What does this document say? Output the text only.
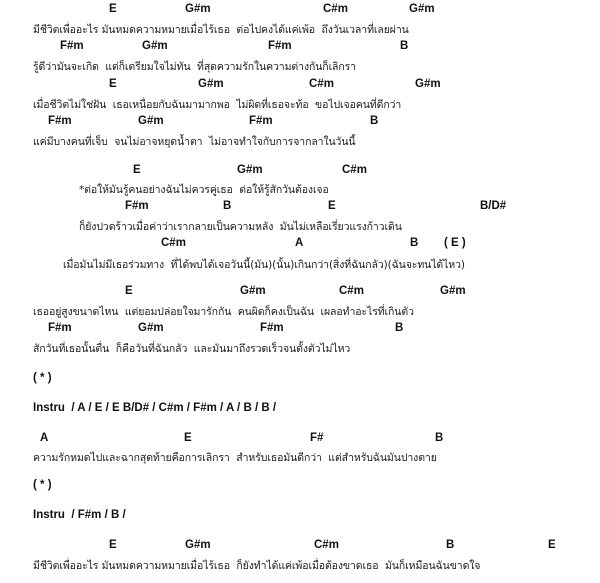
E

	G#m

	C#m

	G#m

มีชีวิตเพื่ออะไร มันหมดความหมายเมื่อไร้เธอ  ต่อไปคงได้แค่เพ้อ  ถึงวันเวลาที่เลยผ่าน

F#m

	G#m

	F#m

	B

รู้ดีว่ามันจะเกิด  แต่ก็เตรียมใจไม่ทัน  ที่สุดความรักในความต่างกันก็เลิกรา

E

	G#m

	C#m

	G#m

เมื่อชีวิตไม่ใช่ฝัน  เธอเหนื่อยกับฉันมามากพอ  ไม่ผิดที่เธอจะท้อ  ขอไปเจอคนที่ดีกว่า

F#m

	G#m

	F#m

	B

แค่มีบางคนที่เจ็บ  จนไม่อาจหยุดน้ำตา  ไม่อาจทำใจกับการจากลาในวันนี้

E

	G#m

	C#m

*ต่อให้มันรู้คนอย่างฉันไม่ควรคู่เธอ  ต่อให้รู้สักวันต้องเจอ

F#m

	B

	E

	B/D#

ก็ยังปวดร้าวเมื่อค่าว่าเรากลายเป็นความหลัง  มันไม่เหลือเรี่ยวแรงก้าวเดิน

C#m

	A

	B

( E )

เมื่อมันไม่มีเธอร่วมทาง  ที่ได้พบได้เจอวันนี้(มัน)(นั้น)เกินกว่า(สิ่งที่ฉันกลัว)(ฉันจะทนได้ไหว)

E

	G#m

	C#m

	G#m

เธออยู่สูงขนาดไหน  แต่ยอมปล่อยใจมารักกัน  คนผิดก็คงเป็นฉัน  เผลอทำอะไรที่เกินตัว

F#m

	G#m

	F#m

	B

สักวันที่เธอนั้นตื่น  ก็คือวันที่ฉันกลัว  และมันมาถึงรวดเร็วจนตั้งตัวไม่ไหว
( * )
Instru  / A / E / E B/D# / C#m / F#m / A / B / B /

A

	E

	F#

	B

ความรักหมดไปและฉากสุดท้ายคือการเลิกรา  สำหรับเธอมันดีกว่า  แต่สำหรับฉันมันปางตาย
( * )
Instru  / F#m / B /

E

	G#m

	C#m

	B

	E

มีชีวิตเพื่ออะไร มันหมดความหมายเมื่อไร้เธอ  ก็ยังทำได้แค่เพ้อเมื่อต้องขาดเธอ  มันก็เหมือนฉันขาดใจ
